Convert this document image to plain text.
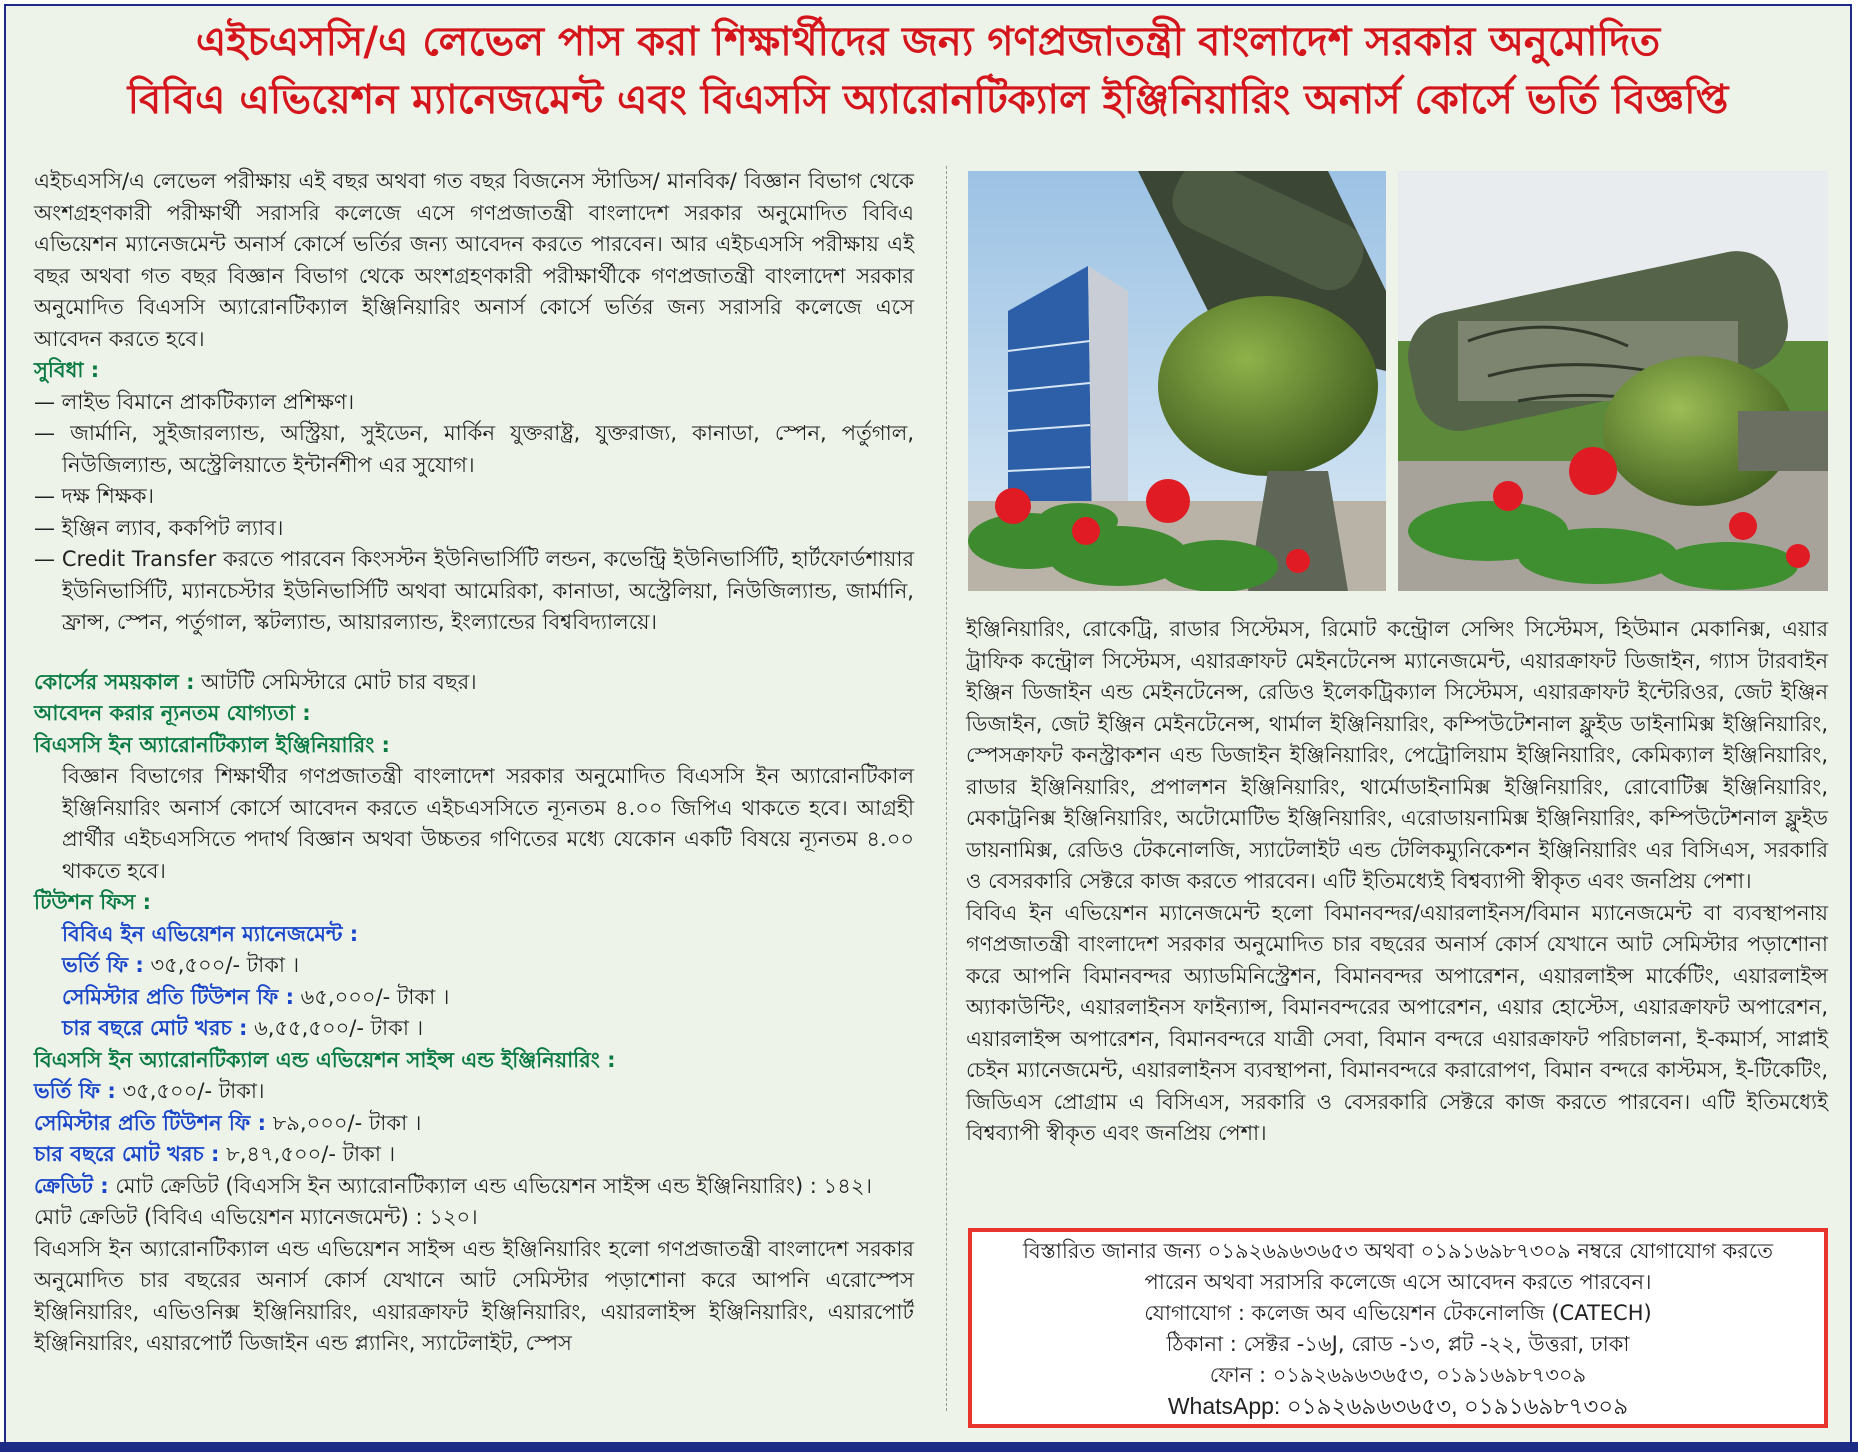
এইচএসসি/এ লেভেল পাস করা শিক্ষার্থীদের জন্য গণপ্রজাতন্ত্রী বাংলাদেশ সরকার অনুমোদিত
বিবিএ এভিয়েশন ম্যানেজমেন্ট এবং বিএসসি অ্যারোনটিক্যাল ইঞ্জিনিয়ারিং অনার্স কোর্সে ভর্তি বিজ্ঞপ্তি

এইচএসসি/এ লেভেল পরীক্ষায় এই বছর অথবা গত বছর বিজনেস স্টাডিস/ মানবিক/ বিজ্ঞান বিভাগ থেকে অংশগ্রহণকারী পরীক্ষার্থী সরাসরি কলেজে এসে গণপ্রজাতন্ত্রী বাংলাদেশ সরকার অনুমোদিত বিবিএ এভিয়েশন ম্যানেজমেন্ট অনার্স কোর্সে ভর্তির জন্য আবেদন করতে পারবেন। আর এইচএসসি পরীক্ষায় এই বছর অথবা গত বছর বিজ্ঞান বিভাগ থেকে অংশগ্রহণকারী পরীক্ষার্থীকে গণপ্রজাতন্ত্রী বাংলাদেশ সরকার অনুমোদিত বিএসসি অ্যারোনটিক্যাল ইঞ্জিনিয়ারিং অনার্স কোর্সে ভর্তির জন্য সরাসরি কলেজে এসে আবেদন করতে হবে।

সুবিধা :

— লাইভ বিমানে প্রাকটিক্যাল প্রশিক্ষণ।

— জার্মানি, সুইজারল্যান্ড, অস্ট্রিয়া, সুইডেন, মার্কিন যুক্তরাষ্ট্র, যুক্তরাজ্য, কানাডা, স্পেন, পর্তুগাল, নিউজিল্যান্ড, অস্ট্রেলিয়াতে ইন্টার্নশীপ এর সুযোগ।

— দক্ষ শিক্ষক।

— ইঞ্জিন ল্যাব, ককপিট ল্যাব।

— Credit Transfer করতে পারবেন কিংসস্টন ইউনিভার্সিটি লন্ডন, কভেন্ট্রি ইউনিভার্সিটি, হার্টফোর্ডশায়ার ইউনিভার্সিটি, ম্যানচেস্টার ইউনিভার্সিটি অথবা আমেরিকা, কানাডা, অস্ট্রেলিয়া, নিউজিল্যান্ড, জার্মানি, ফ্রান্স, স্পেন, পর্তুগাল, স্কটল্যান্ড, আয়ারল্যান্ড, ইংল্যান্ডের বিশ্ববিদ্যালয়ে।

কোর্সের সময়কাল : আটটি সেমিস্টারে মোট চার বছর।

আবেদন করার ন্যূনতম যোগ্যতা :

বিএসসি ইন অ্যারোনটিক্যাল ইঞ্জিনিয়ারিং :

বিজ্ঞান বিভাগের শিক্ষার্থীর গণপ্রজাতন্ত্রী বাংলাদেশ সরকার অনুমোদিত বিএসসি ইন অ্যারোনটিকাল ইঞ্জিনিয়ারিং অনার্স কোর্সে আবেদন করতে এইচএসসিতে ন্যূনতম ৪.০০ জিপিএ থাকতে হবে। আগ্রহী প্রার্থীর এইচএসসিতে পদার্থ বিজ্ঞান অথবা উচ্চতর গণিতের মধ্যে যেকোন একটি বিষয়ে ন্যূনতম ৪.০০ থাকতে হবে।

টিউশন ফিস :

বিবিএ ইন এভিয়েশন ম্যানেজমেন্ট :

ভর্তি ফি : ৩৫,৫০০/- টাকা ।

সেমিস্টার প্রতি টিউশন ফি : ৬৫,০০০/- টাকা ।

চার বছরে মোট খরচ : ৬,৫৫,৫০০/- টাকা ।

বিএসসি ইন অ্যারোনটিক্যাল এন্ড এভিয়েশন সাইন্স এন্ড ইঞ্জিনিয়ারিং :

ভর্তি ফি : ৩৫,৫০০/- টাকা।

সেমিস্টার প্রতি টিউশন ফি : ৮৯,০০০/- টাকা ।

চার বছরে মোট খরচ : ৮,৪৭,৫০০/- টাকা ।

ক্রেডিট : মোট ক্রেডিট (বিএসসি ইন অ্যারোনটিক্যাল এন্ড এভিয়েশন সাইন্স এন্ড ইঞ্জিনিয়ারিং) : ১৪২।

মোট ক্রেডিট (বিবিএ এভিয়েশন ম্যানেজমেন্ট) : ১২০।

বিএসসি ইন অ্যারোনটিক্যাল এন্ড এভিয়েশন সাইন্স এন্ড ইঞ্জিনিয়ারিং হলো গণপ্রজাতন্ত্রী বাংলাদেশ সরকার অনুমোদিত চার বছরের অনার্স কোর্স যেখানে আট সেমিস্টার পড়াশোনা করে আপনি এরোস্পেস ইঞ্জিনিয়ারিং, এভিওনিক্স ইঞ্জিনিয়ারিং, এয়ারক্রাফট ইঞ্জিনিয়ারিং, এয়ারলাইন্স ইঞ্জিনিয়ারিং, এয়ারপোর্ট ইঞ্জিনিয়ারিং, এয়ারপোর্ট ডিজাইন এন্ড প্ল্যানিং, স্যাটেলাইট, স্পেস

ইঞ্জিনিয়ারিং, রোকেট্রি, রাডার সিস্টেমস, রিমোট কন্ট্রোল সেন্সিং সিস্টেমস, হিউমান মেকানিক্স, এয়ার ট্রাফিক কন্ট্রোল সিস্টেমস, এয়ারক্রাফট মেইনটেনেন্স ম্যানেজমেন্ট, এয়ারক্রাফট ডিজাইন, গ্যাস টারবাইন ইঞ্জিন ডিজাইন এন্ড মেইনটেনেন্স, রেডিও ইলেকট্রিক্যাল সিস্টেমস, এয়ারক্রাফট ইন্টেরিওর, জেট ইঞ্জিন ডিজাইন, জেট ইঞ্জিন মেইনটেনেন্স, থার্মাল ইঞ্জিনিয়ারিং, কম্পিউটেশনাল ফ্লুইড ডাইনামিক্স ইঞ্জিনিয়ারিং, স্পেসক্রাফট কনস্ট্রাকশন এন্ড ডিজাইন ইঞ্জিনিয়ারিং, পেট্রোলিয়াম ইঞ্জিনিয়ারিং, কেমিক্যাল ইঞ্জিনিয়ারিং, রাডার ইঞ্জিনিয়ারিং, প্রপালশন ইঞ্জিনিয়ারিং, থার্মোডাইনামিক্স ইঞ্জিনিয়ারিং, রোবোটিক্স ইঞ্জিনিয়ারিং, মেকাট্রনিক্স ইঞ্জিনিয়ারিং, অটোমোটিভ ইঞ্জিনিয়ারিং, এরোডায়নামিক্স ইঞ্জিনিয়ারিং, কম্পিউটেশনাল ফ্লুইড ডায়নামিক্স, রেডিও টেকনোলজি, স্যাটেলাইট এন্ড টেলিকম্যুনিকেশন ইঞ্জিনিয়ারিং এর বিসিএস, সরকারি ও বেসরকারি সেক্টরে কাজ করতে পারবেন। এটি ইতিমধ্যেই বিশ্বব্যাপী স্বীকৃত এবং জনপ্রিয় পেশা।

বিবিএ ইন এভিয়েশন ম্যানেজমেন্ট হলো বিমানবন্দর/এয়ারলাইনস/বিমান ম্যানেজমেন্ট বা ব্যবস্থাপনায় গণপ্রজাতন্ত্রী বাংলাদেশ সরকার অনুমোদিত চার বছরের অনার্স কোর্স যেখানে আট সেমিস্টার পড়াশোনা করে আপনি বিমানবন্দর অ্যাডমিনিস্ট্রেশন, বিমানবন্দর অপারেশন, এয়ারলাইন্স মার্কেটিং, এয়ারলাইন্স অ্যাকাউন্টিং, এয়ারলাইনস ফাইন্যান্স, বিমানবন্দরের অপারেশন, এয়ার হোস্টেস, এয়ারক্রাফট অপারেশন, এয়ারলাইন্স অপারেশন, বিমানবন্দরে যাত্রী সেবা, বিমান বন্দরে এয়ারক্রাফট পরিচালনা, ই-কমার্স, সাপ্লাই চেইন ম্যানেজমেন্ট, এয়ারলাইনস ব্যবস্থাপনা, বিমানবন্দরে করারোপণ, বিমান বন্দরে কাস্টমস, ই-টিকেটিং, জিডিএস প্রোগ্রাম এ বিসিএস, সরকারি ও বেসরকারি সেক্টরে কাজ করতে পারবেন। এটি ইতিমধ্যেই বিশ্বব্যাপী স্বীকৃত এবং জনপ্রিয় পেশা।

বিস্তারিত জানার জন্য ০১৯২৬৯৬৩৬৫৩ অথবা ০১৯১৬৯৮৭৩০৯ নম্বরে যোগাযোগ করতে
পারেন অথবা সরাসরি কলেজে এসে আবেদন করতে পারবেন।
যোগাযোগ : কলেজ অব এভিয়েশন টেকনোলজি (CATECH)
ঠিকানা : সেক্টর -১৬J, রোড -১৩, প্লট -২২, উত্তরা, ঢাকা
ফোন : ০১৯২৬৯৬৩৬৫৩, ০১৯১৬৯৮৭৩০৯
WhatsApp: ০১৯২৬৯৬৩৬৫৩, ০১৯১৬৯৮৭৩০৯
